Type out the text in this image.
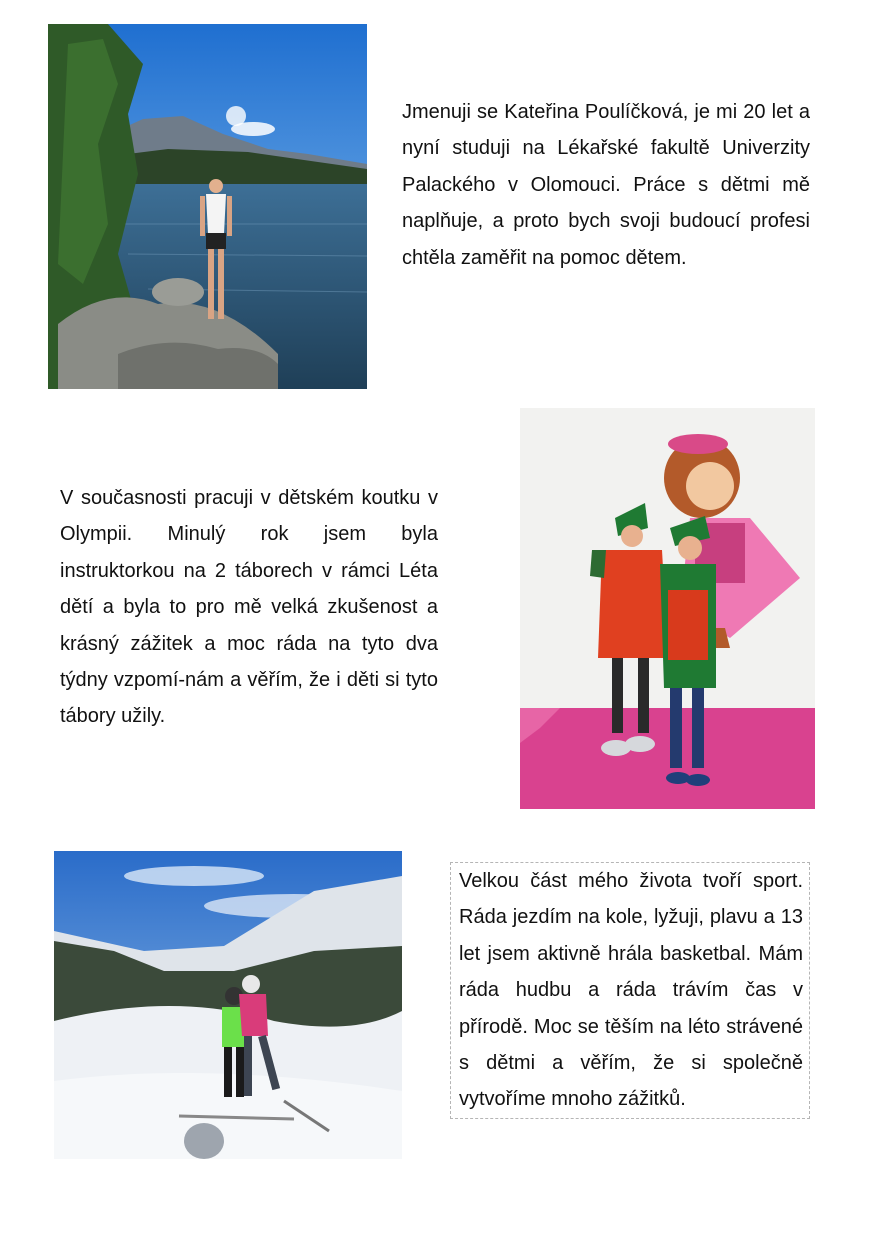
Jmenuji se Kateřina Poulíčková, je mi 20 let a nyní studuji na Lékařské fakultě Univerzity Palackého v Olomouci. Práce s dětmi mě naplňuje, a proto bych svoji budoucí profesi chtěla zaměřit na pomoc dětem.

V současnosti pracuji v dětském koutku v Olympii. Minulý rok jsem byla instruktorkou na 2 táborech v rámci Léta dětí a byla to pro mě velká zkušenost a krásný zážitek a moc ráda na tyto dva týdny vzpomí-nám a věřím, že i děti si tyto tábory užily.

Velkou část mého života tvoří sport. Ráda jezdím na kole, lyžuji, plavu a 13 let jsem aktivně hrála basketbal. Mám ráda hudbu a ráda trávím čas v přírodě. Moc se těším na léto strávené s dětmi a věřím, že si společně vytvoříme mnoho zážitků.
